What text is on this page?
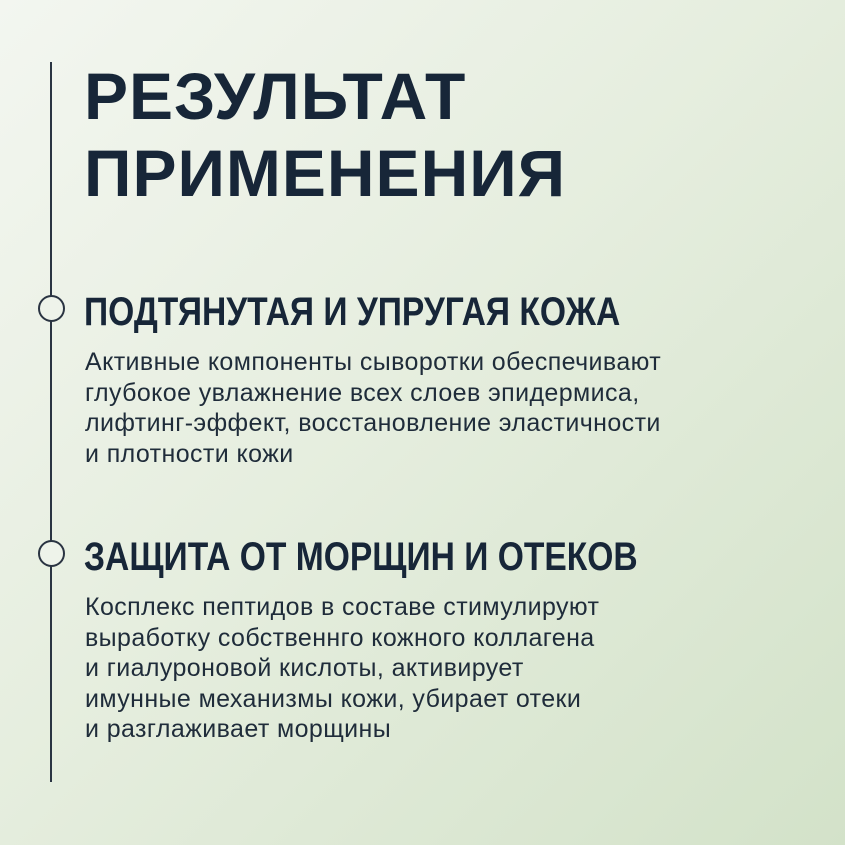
РЕЗУЛЬТАТ
ПРИМЕНЕНИЯ
ПОДТЯНУТАЯ И УПРУГАЯ КОЖА
Активные компоненты сыворотки обеспечивают
глубокое увлажнение всех слоев эпидермиса,
лифтинг-эффект, восстановление эластичности
и плотности кожи
ЗАЩИТА ОТ МОРЩИН И ОТЕКОВ
Косплекс пептидов в составе стимулируют
выработку собственнго кожного коллагена
и гиалуроновой кислоты, активирует
имунные механизмы кожи, убирает отеки
и разглаживает морщины
